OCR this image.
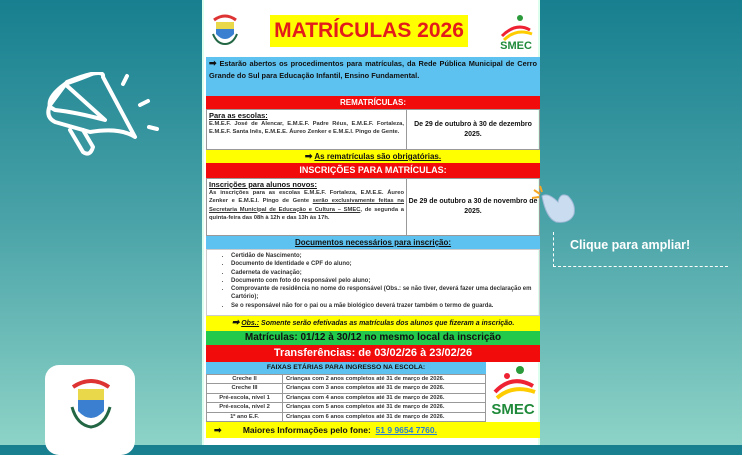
MATRÍCULAS 2026
SMEC
➡ Estarão abertos os procedimentos para matrículas, da Rede Pública Municipal de Cerro Grande do Sul para Educação Infantil, Ensino Fundamental.
REMATRÍCULAS:
Para as escolas:
E.M.E.F. José de Alencar, E.M.E.F. Padre Réus, E.M.E.F. Fortaleza, E.M.E.F. Santa Inês, E.M.E.E. Áureo Zenker e E.M.E.I. Pingo de Gente.
De 29 de outubro à 30 de dezembro 2025.
➡ As rematrículas são obrigatórias.
INSCRIÇÕES PARA MATRÍCULAS:
Inscrições para alunos novos:
As inscrições para as escolas E.M.E.F. Fortaleza, E.M.E.E. Áureo Zenker e E.M.E.I. Pingo de Gente serão exclusivamente feitas na Secretaria Municipal de Educação e Cultura – SMEC, de segunda a quinta-feira das 08h à 12h e das 13h às 17h.
De 29 de outubro a 30 de novembro de 2025.
Documentos necessários para inscrição:
• Certidão de Nascimento;
• Documento de Identidade e CPF do aluno;
• Caderneta de vacinação;
• Documento com foto do responsável pelo aluno;
• Comprovante de residência no nome do responsável (Obs.: se não tiver, deverá fazer uma declaração em Cartório);
• Se o responsável não for o pai ou a mãe biológico deverá trazer também o termo de guarda.
➡ Obs.: Somente serão efetivadas as matrículas dos alunos que fizeram a inscrição.
Matrículas: 01/12 à 30/12 no mesmo local da inscrição
Transferências: de 03/02/26 à 23/02/26
FAIXAS ETÁRIAS PARA INGRESSO NA ESCOLA:
Creche II	Crianças com 2 anos completos até 31 de março de 2026.
Creche III	Crianças com 3 anos completos até 31 de março de 2026.
Pré-escola, nível 1	Crianças com 4 anos completos até 31 de março de 2026.
Pré-escola, nível 2	Crianças com 5 anos completos até 31 de março de 2026.
1º ano E.F.	Crianças com 6 anos completos até 31 de março de 2026.	SMEC
➡	Maiores Informações pelo fone: 51 9 9654 7760.
Clique para ampliar!
